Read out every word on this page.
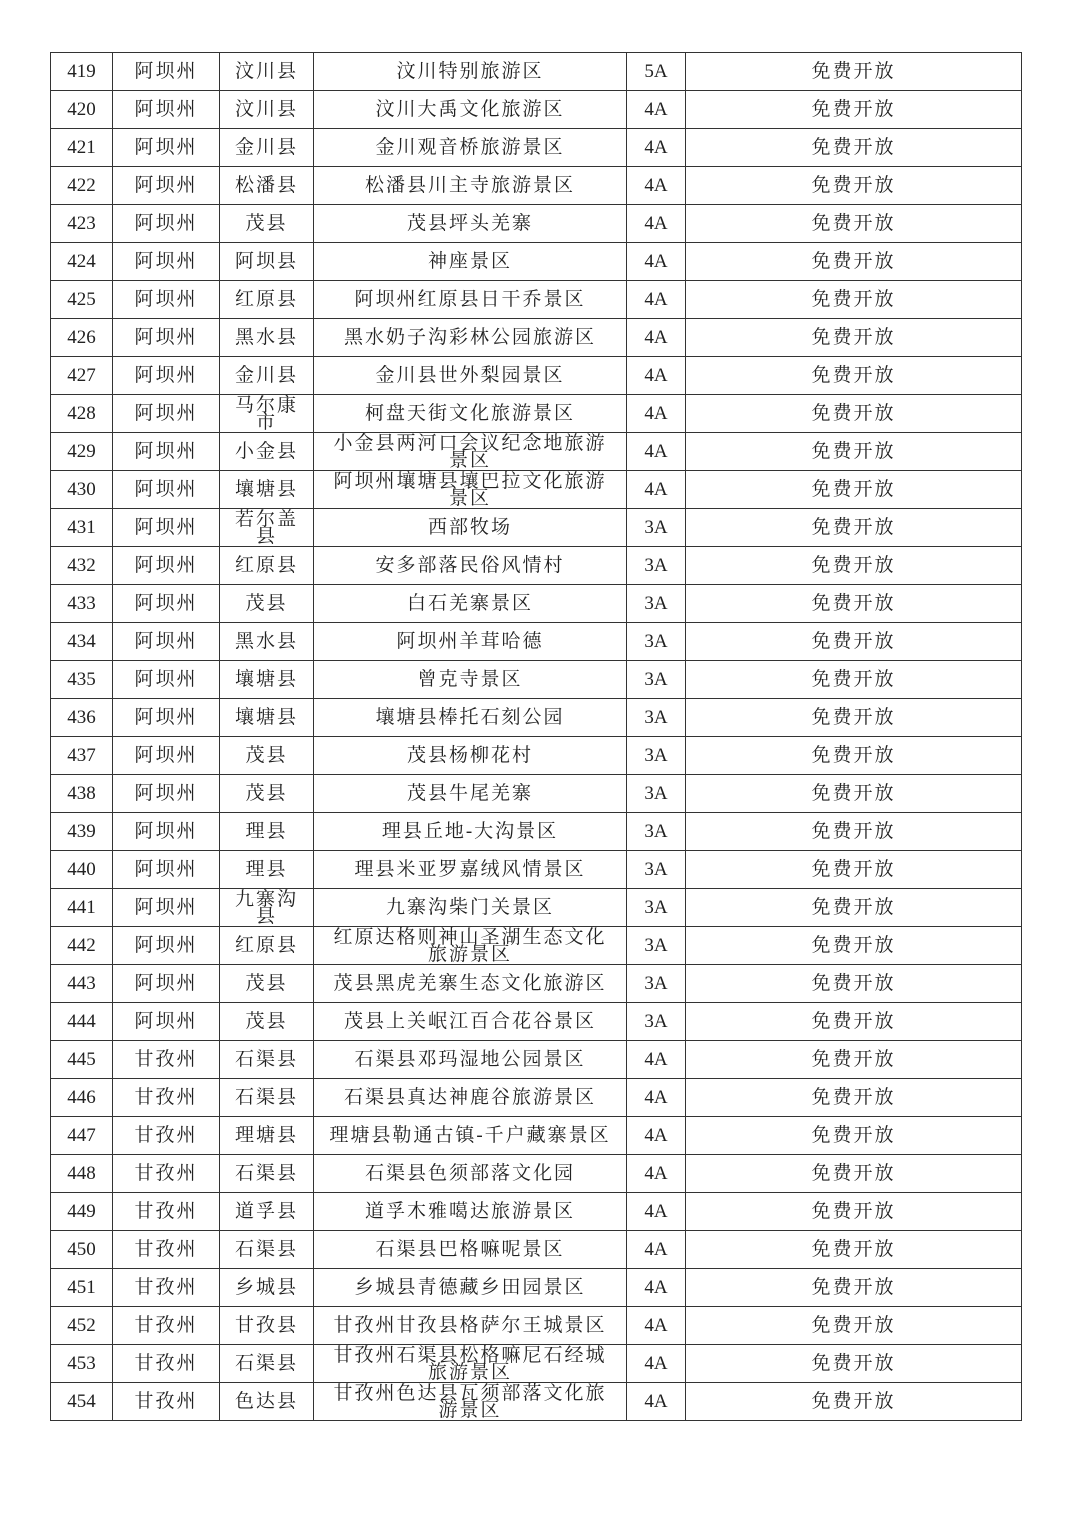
419	阿坝州	汶川县	汶川特别旅游区	5A	免费开放
420	阿坝州	汶川县	汶川大禹文化旅游区	4A	免费开放
421	阿坝州	金川县	金川观音桥旅游景区	4A	免费开放
422	阿坝州	松潘县	松潘县川主寺旅游景区	4A	免费开放
423	阿坝州	茂县	茂县坪头羌寨	4A	免费开放
424	阿坝州	阿坝县	神座景区	4A	免费开放
425	阿坝州	红原县	阿坝州红原县日干乔景区	4A	免费开放
426	阿坝州	黑水县	黑水奶子沟彩林公园旅游区	4A	免费开放
427	阿坝州	金川县	金川县世外梨园景区	4A	免费开放
428	阿坝州	马尔康市	柯盘天街文化旅游景区	4A	免费开放
429	阿坝州	小金县	小金县两河口会议纪念地旅游景区	4A	免费开放
430	阿坝州	壤塘县	阿坝州壤塘县壤巴拉文化旅游景区	4A	免费开放
431	阿坝州	若尔盖县	西部牧场	3A	免费开放
432	阿坝州	红原县	安多部落民俗风情村	3A	免费开放
433	阿坝州	茂县	白石羌寨景区	3A	免费开放
434	阿坝州	黑水县	阿坝州羊茸哈德	3A	免费开放
435	阿坝州	壤塘县	曾克寺景区	3A	免费开放
436	阿坝州	壤塘县	壤塘县棒托石刻公园	3A	免费开放
437	阿坝州	茂县	茂县杨柳花村	3A	免费开放
438	阿坝州	茂县	茂县牛尾羌寨	3A	免费开放
439	阿坝州	理县	理县丘地-大沟景区	3A	免费开放
440	阿坝州	理县	理县米亚罗嘉绒风情景区	3A	免费开放
441	阿坝州	九寨沟县	九寨沟柴门关景区	3A	免费开放
442	阿坝州	红原县	红原达格则神山圣湖生态文化旅游景区	3A	免费开放
443	阿坝州	茂县	茂县黑虎羌寨生态文化旅游区	3A	免费开放
444	阿坝州	茂县	茂县上关岷江百合花谷景区	3A	免费开放
445	甘孜州	石渠县	石渠县邓玛湿地公园景区	4A	免费开放
446	甘孜州	石渠县	石渠县真达神鹿谷旅游景区	4A	免费开放
447	甘孜州	理塘县	理塘县勒通古镇-千户藏寨景区	4A	免费开放
448	甘孜州	石渠县	石渠县色须部落文化园	4A	免费开放
449	甘孜州	道孚县	道孚木雅噶达旅游景区	4A	免费开放
450	甘孜州	石渠县	石渠县巴格嘛呢景区	4A	免费开放
451	甘孜州	乡城县	乡城县青德藏乡田园景区	4A	免费开放
452	甘孜州	甘孜县	甘孜州甘孜县格萨尔王城景区	4A	免费开放
453	甘孜州	石渠县	甘孜州石渠县松格嘛尼石经城旅游景区	4A	免费开放
454	甘孜州	色达县	甘孜州色达县瓦须部落文化旅游景区	4A	免费开放
